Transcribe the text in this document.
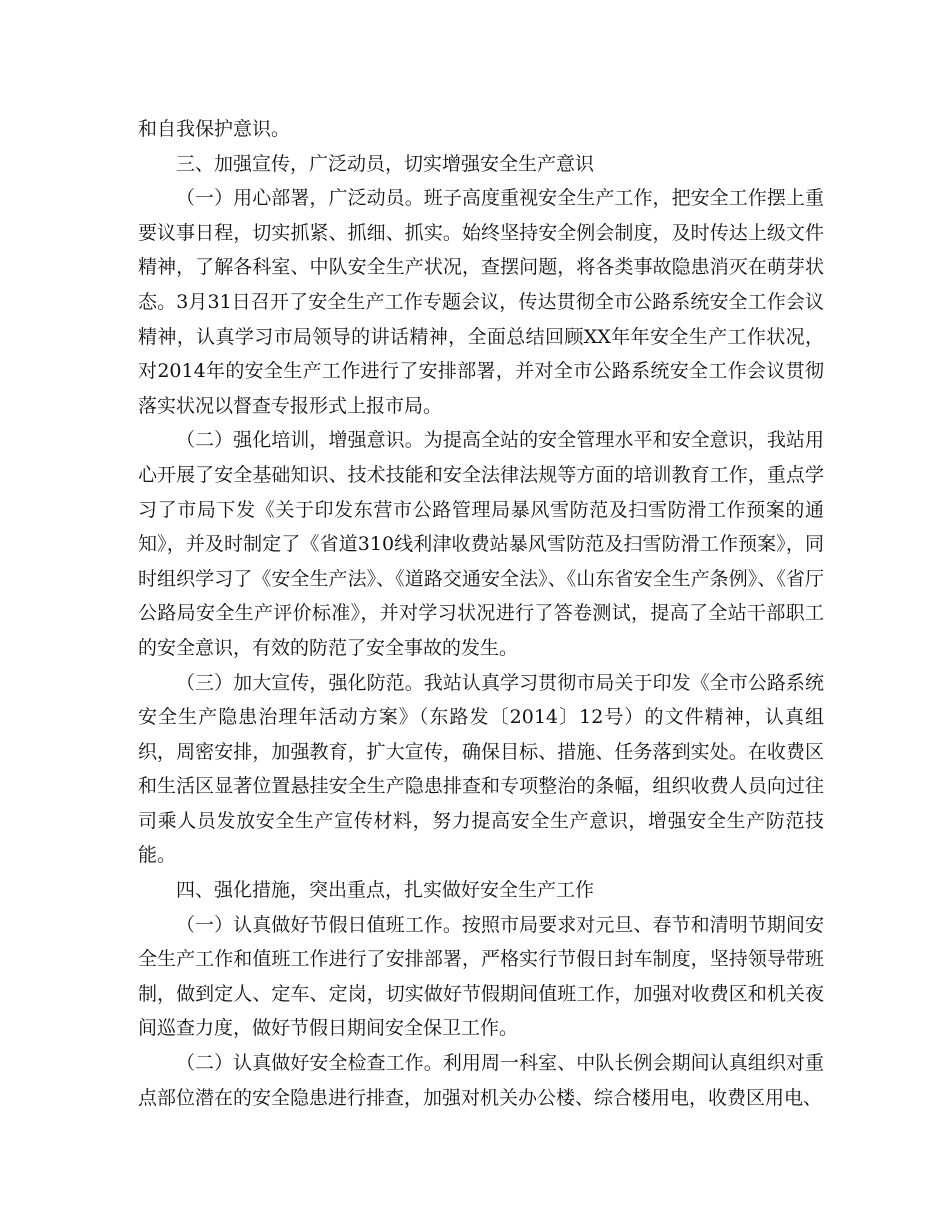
和自我保护意识。

三、加强宣传，广泛动员，切实增强安全生产意识

（一）用心部署，广泛动员。班子高度重视安全生产工作，把安全工作摆上重要议事日程，切实抓紧、抓细、抓实。始终坚持安全例会制度，及时传达上级文件精神，了解各科室、中队安全生产状况，查摆问题，将各类事故隐患消灭在萌芽状态。3月31日召开了安全生产工作专题会议，传达贯彻全市公路系统安全工作会议精神，认真学习市局领导的讲话精神，全面总结回顾XX年年安全生产工作状况，对2014年的安全生产工作进行了安排部署，并对全市公路系统安全工作会议贯彻落实状况以督查专报形式上报市局。

（二）强化培训，增强意识。为提高全站的安全管理水平和安全意识，我站用心开展了安全基础知识、技术技能和安全法律法规等方面的培训教育工作，重点学习了市局下发《关于印发东营市公路管理局暴风雪防范及扫雪防滑工作预案的通知》，并及时制定了《省道310线利津收费站暴风雪防范及扫雪防滑工作预案》，同时组织学习了《安全生产法》、《道路交通安全法》、《山东省安全生产条例》、《省厅公路局安全生产评价标准》，并对学习状况进行了答卷测试，提高了全站干部职工的安全意识，有效的防范了安全事故的发生。

（三）加大宣传，强化防范。我站认真学习贯彻市局关于印发《全市公路系统安全生产隐患治理年活动方案》（东路发〔2014〕12号）的文件精神，认真组织，周密安排，加强教育，扩大宣传，确保目标、措施、任务落到实处。在收费区和生活区显著位置悬挂安全生产隐患排查和专项整治的条幅，组织收费人员向过往司乘人员发放安全生产宣传材料，努力提高安全生产意识，增强安全生产防范技能。

四、强化措施，突出重点，扎实做好安全生产工作

（一）认真做好节假日值班工作。按照市局要求对元旦、春节和清明节期间安全生产工作和值班工作进行了安排部署，严格实行节假日封车制度，坚持领导带班制，做到定人、定车、定岗，切实做好节假期间值班工作，加强对收费区和机关夜间巡查力度，做好节假日期间安全保卫工作。

（二）认真做好安全检查工作。利用周一科室、中队长例会期间认真组织对重点部位潜在的安全隐患进行排查，加强对机关办公楼、综合楼用电，收费区用电、
